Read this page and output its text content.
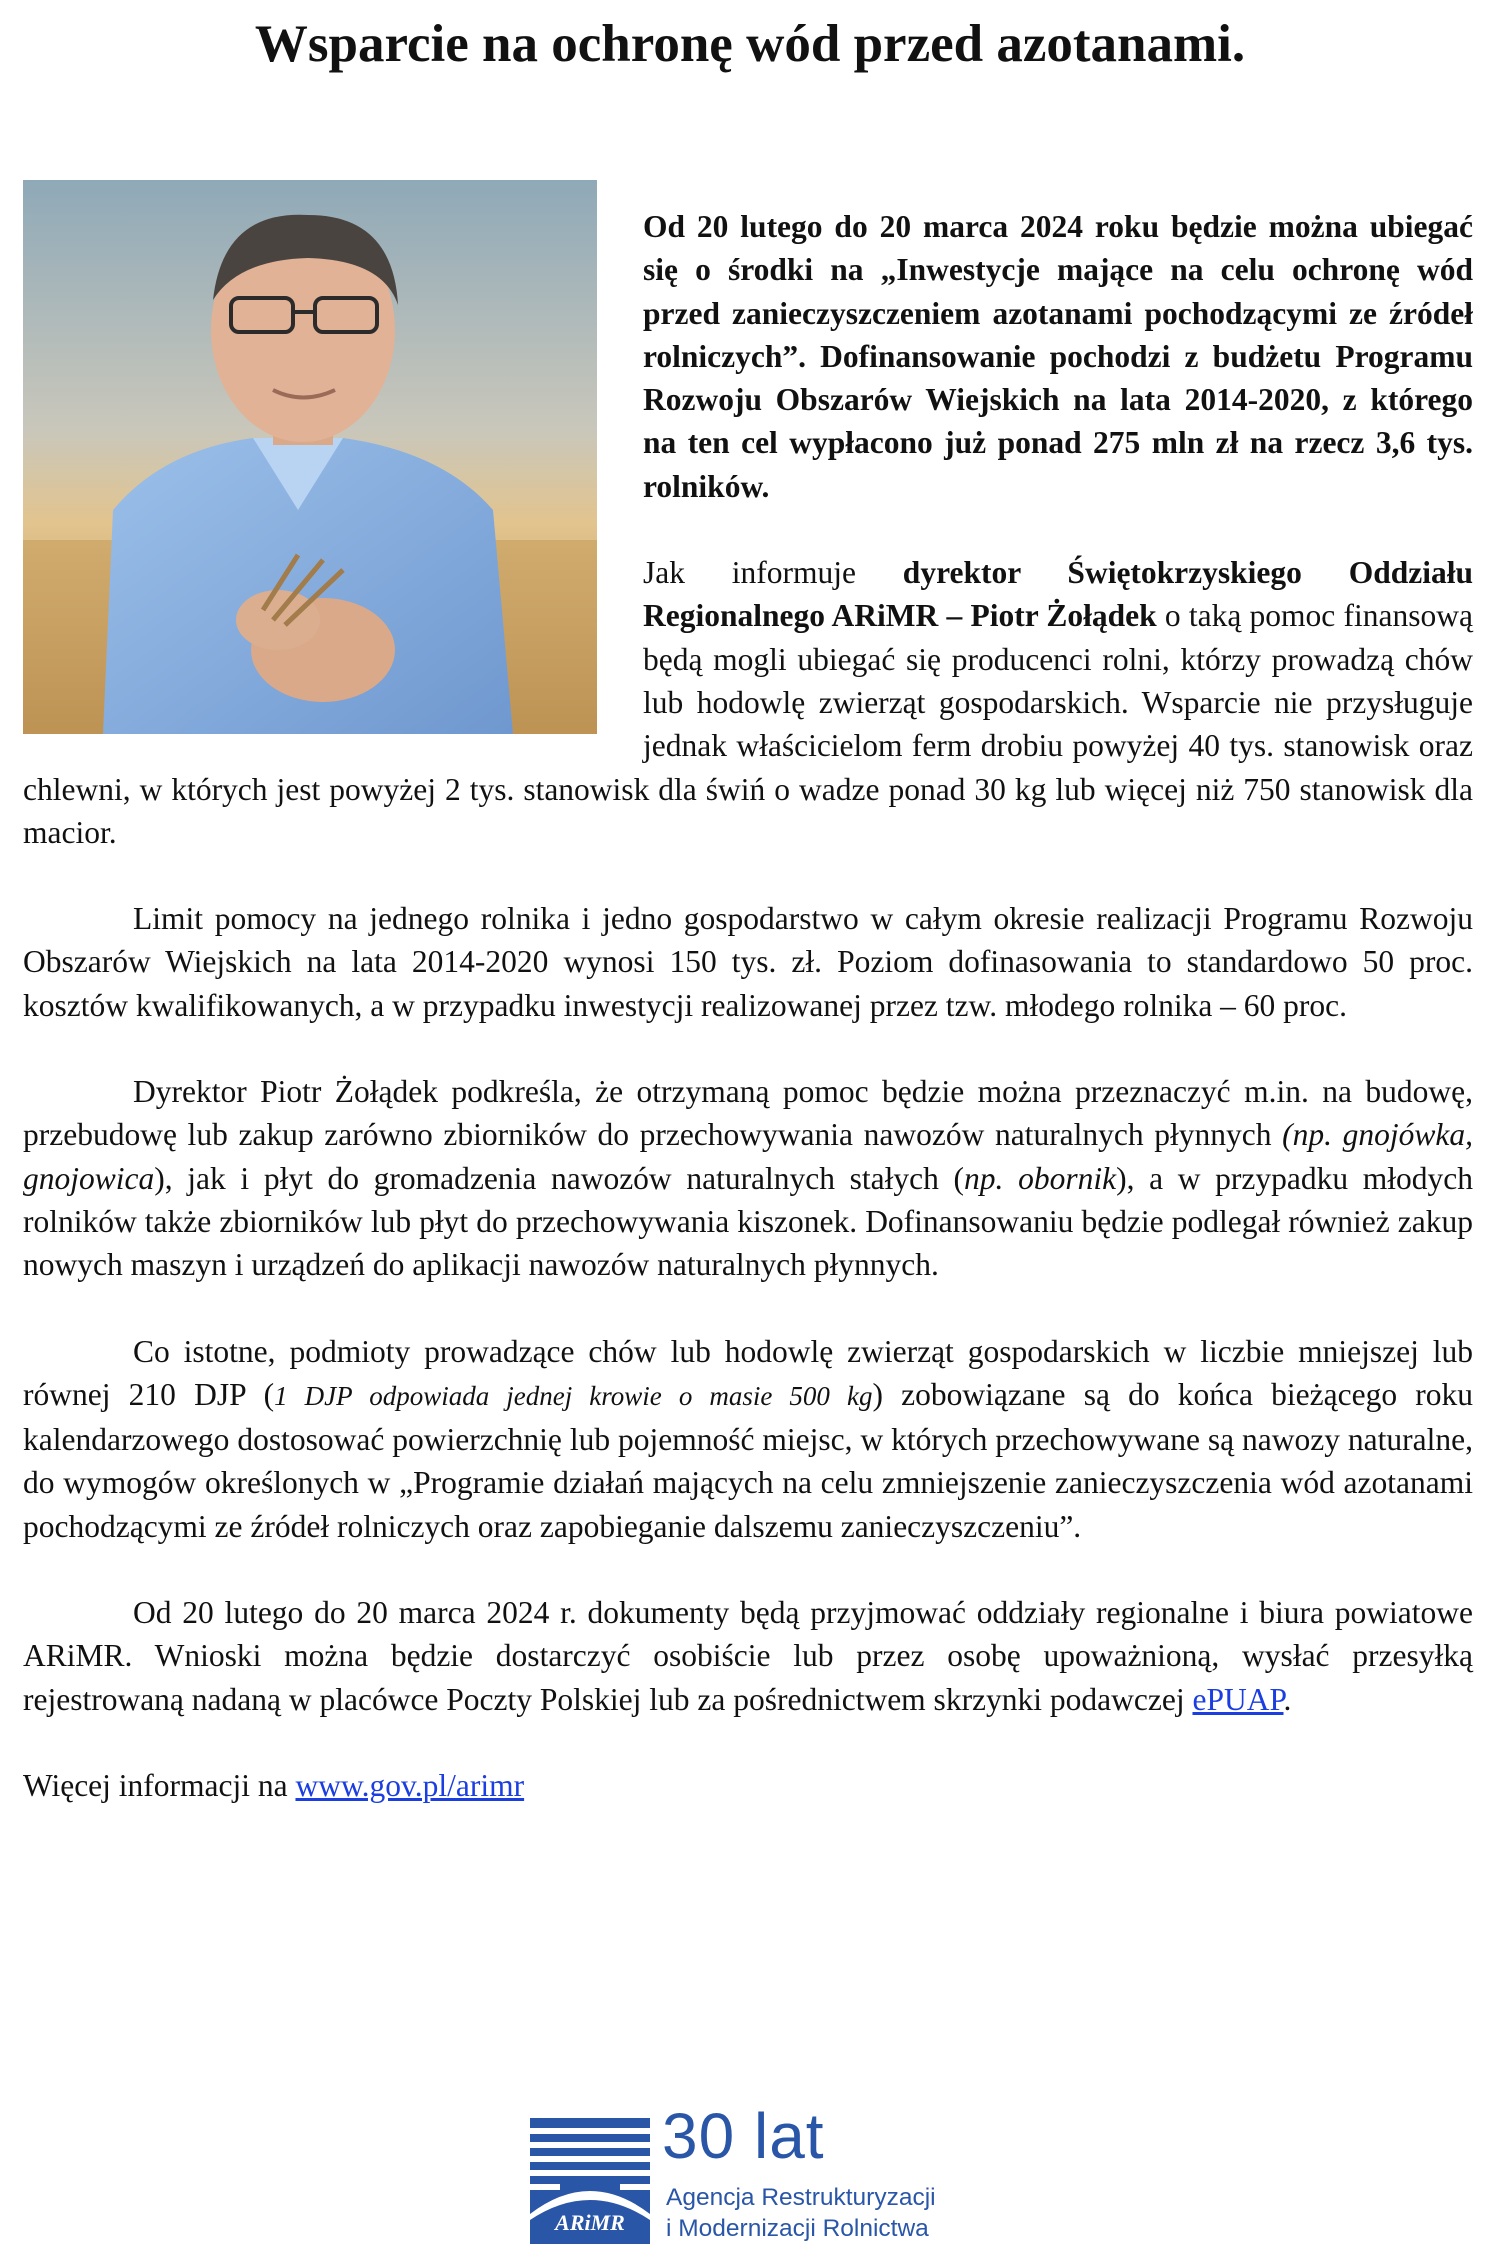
Wsparcie na ochronę wód przed azotanami.

Od 20 lutego do 20 marca 2024 roku będzie można ubiegać się o środki na „Inwestycje mające na celu ochronę wód przed zanieczyszczeniem azotanami pochodzącymi ze źródeł rolniczych”. Dofinansowanie pochodzi z budżetu Programu Rozwoju Obszarów Wiejskich na lata 2014-2020, z którego na ten cel wypłacono już ponad 275 mln zł na rzecz 3,6 tys. rolników.

Jak informuje dyrektor Świętokrzyskiego Oddziału Regionalnego ARiMR – Piotr Żołądek o taką pomoc finansową będą mogli ubiegać się producenci rolni, którzy prowadzą chów lub hodowlę zwierząt gospodarskich. Wsparcie nie przysługuje jednak właścicielom ferm drobiu powyżej 40 tys. stanowisk oraz chlewni, w których jest powyżej 2 tys. stanowisk dla świń o wadze ponad 30 kg lub więcej niż 750 stanowisk dla macior.

Limit pomocy na jednego rolnika i jedno gospodarstwo w całym okresie realizacji Programu Rozwoju Obszarów Wiejskich na lata 2014-2020 wynosi 150 tys. zł. Poziom dofinasowania to standardowo 50 proc. kosztów kwalifikowanych, a w przypadku inwestycji realizowanej przez tzw. młodego rolnika – 60 proc.

Dyrektor Piotr Żołądek podkreśla, że otrzymaną pomoc będzie można przeznaczyć m.in. na budowę, przebudowę lub zakup zarówno zbiorników do przechowywania nawozów naturalnych płynnych (np. gnojówka, gnojowica), jak i płyt do gromadzenia nawozów naturalnych stałych (np. obornik), a w przypadku młodych rolników także zbiorników lub płyt do przechowywania kiszonek. Dofinansowaniu będzie podlegał również zakup nowych maszyn i urządzeń do aplikacji nawozów naturalnych płynnych.

Co istotne, podmioty prowadzące chów lub hodowlę zwierząt gospodarskich w liczbie mniejszej lub równej 210 DJP (1 DJP odpowiada jednej krowie o masie 500 kg) zobowiązane są do końca bieżącego roku kalendarzowego dostosować powierzchnię lub pojemność miejsc, w których przechowywane są nawozy naturalne, do wymogów określonych w „Programie działań mających na celu zmniejszenie zanieczyszczenia wód azotanami pochodzącymi ze źródeł rolniczych oraz zapobieganie dalszemu zanieczyszczeniu”.

Od 20 lutego do 20 marca 2024 r. dokumenty będą przyjmować oddziały regionalne i biura powiatowe ARiMR. Wnioski można będzie dostarczyć osobiście lub przez osobę upoważnioną, wysłać przesyłką rejestrowaną nadaną w placówce Poczty Polskiej lub za pośrednictwem skrzynki podawczej ePUAP.

Więcej informacji na www.gov.pl/arimr

ARiMR
30 lat
Agencja Restrukturyzacji
i Modernizacji Rolnictwa
